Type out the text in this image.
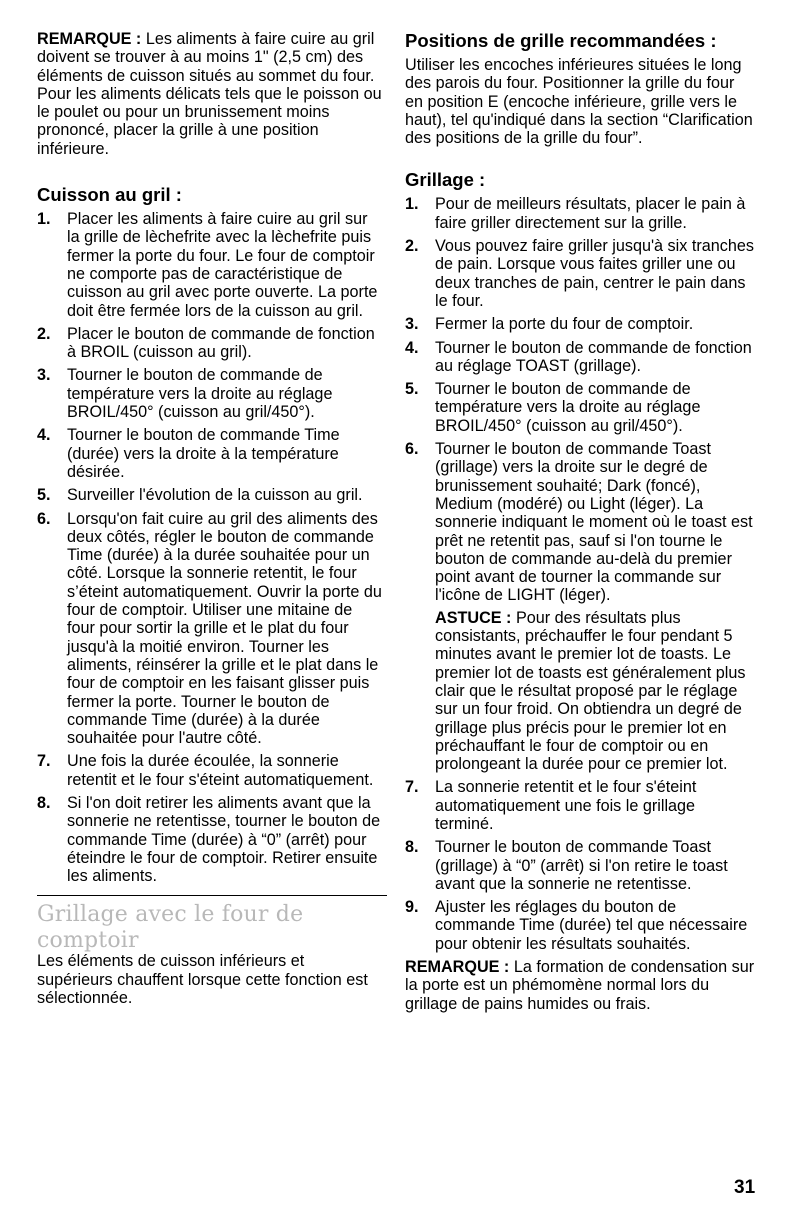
REMARQUE : Les aliments à faire cuire au gril doivent se trouver à au moins 1" (2,5 cm) des éléments de cuisson situés au sommet du four. Pour les aliments délicats tels que le poisson ou le poulet ou pour un brunissement moins prononcé, placer la grille à une position inférieure.

Cuisson au gril :
1. Placer les aliments à faire cuire au gril sur la grille de lèchefrite avec la lèchefrite puis fermer la porte du four. Le four de comptoir ne comporte pas de caractéristique de cuisson au gril avec porte ouverte. La porte doit être fermée lors de la cuisson au gril.
2. Placer le bouton de commande de fonction à BROIL (cuisson au gril).
3. Tourner le bouton de commande de température vers la droite au réglage BROIL/450° (cuisson au gril/450°).
4. Tourner le bouton de commande Time (durée) vers la droite à la température désirée.
5. Surveiller l'évolution de la cuisson au gril.
6. Lorsqu'on fait cuire au gril des aliments des deux côtés, régler le bouton de commande Time (durée) à la durée souhaitée pour un côté. Lorsque la sonnerie retentit, le four s’éteint automatiquement. Ouvrir la porte du four de comptoir. Utiliser une mitaine de four pour sortir la grille et le plat du four jusqu'à la moitié environ. Tourner les aliments, réinsérer la grille et le plat dans le four de comptoir en les faisant glisser puis fermer la porte. Tourner le bouton de commande Time (durée) à la durée souhaitée pour l'autre côté.
7. Une fois la durée écoulée, la sonnerie retentit et le four s'éteint automatiquement.
8. Si l'on doit retirer les aliments avant que la sonnerie ne retentisse, tourner le bouton de commande Time (durée) à “0” (arrêt) pour éteindre le four de comptoir. Retirer ensuite les aliments.
Grillage avec le four de comptoir

Les éléments de cuisson inférieurs et supérieurs chauffent lorsque cette fonction est sélectionnée.

Positions de grille recommandées :

Utiliser les encoches inférieures situées le long des parois du four. Positionner la grille du four en position E (encoche inférieure, grille vers le haut), tel qu'indiqué dans la section “Clarification des positions de la grille du four”.

Grillage :
1. Pour de meilleurs résultats, placer le pain à faire griller directement sur la grille.
2. Vous pouvez faire griller jusqu'à six tranches de pain. Lorsque vous faites griller une ou deux tranches de pain, centrer le pain dans le four.
3. Fermer la porte du four de comptoir.
4. Tourner le bouton de commande de fonction au réglage TOAST (grillage).
5. Tourner le bouton de commande de température vers la droite au réglage BROIL/450° (cuisson au gril/450°).
6. Tourner le bouton de commande Toast (grillage) vers la droite sur le degré de brunissement souhaité; Dark (foncé), Medium (modéré) ou Light (léger). La sonnerie indiquant le moment où le toast est prêt ne retentit pas, sauf si l'on tourne le bouton de commande au-delà du premier point avant de tourner la commande sur l'icône de LIGHT (léger).

ASTUCE : Pour des résultats plus consistants, préchauffer le four pendant 5 minutes avant le premier lot de toasts. Le premier lot de toasts est généralement plus clair que le résultat proposé par le réglage sur un four froid. On obtiendra un degré de grillage plus précis pour le premier lot en préchauffant le four de comptoir ou en prolongeant la durée pour ce premier lot.

7. La sonnerie retentit et le four s'éteint automatiquement une fois le grillage terminé.
8. Tourner le bouton de commande Toast (grillage) à “0” (arrêt) si l'on retire le toast avant que la sonnerie ne retentisse.
9. Ajuster les réglages du bouton de commande Time (durée) tel que nécessaire pour obtenir les résultats souhaités.

REMARQUE : La formation de condensation sur la porte est un phémomène normal lors du grillage de pains humides ou frais.

31
